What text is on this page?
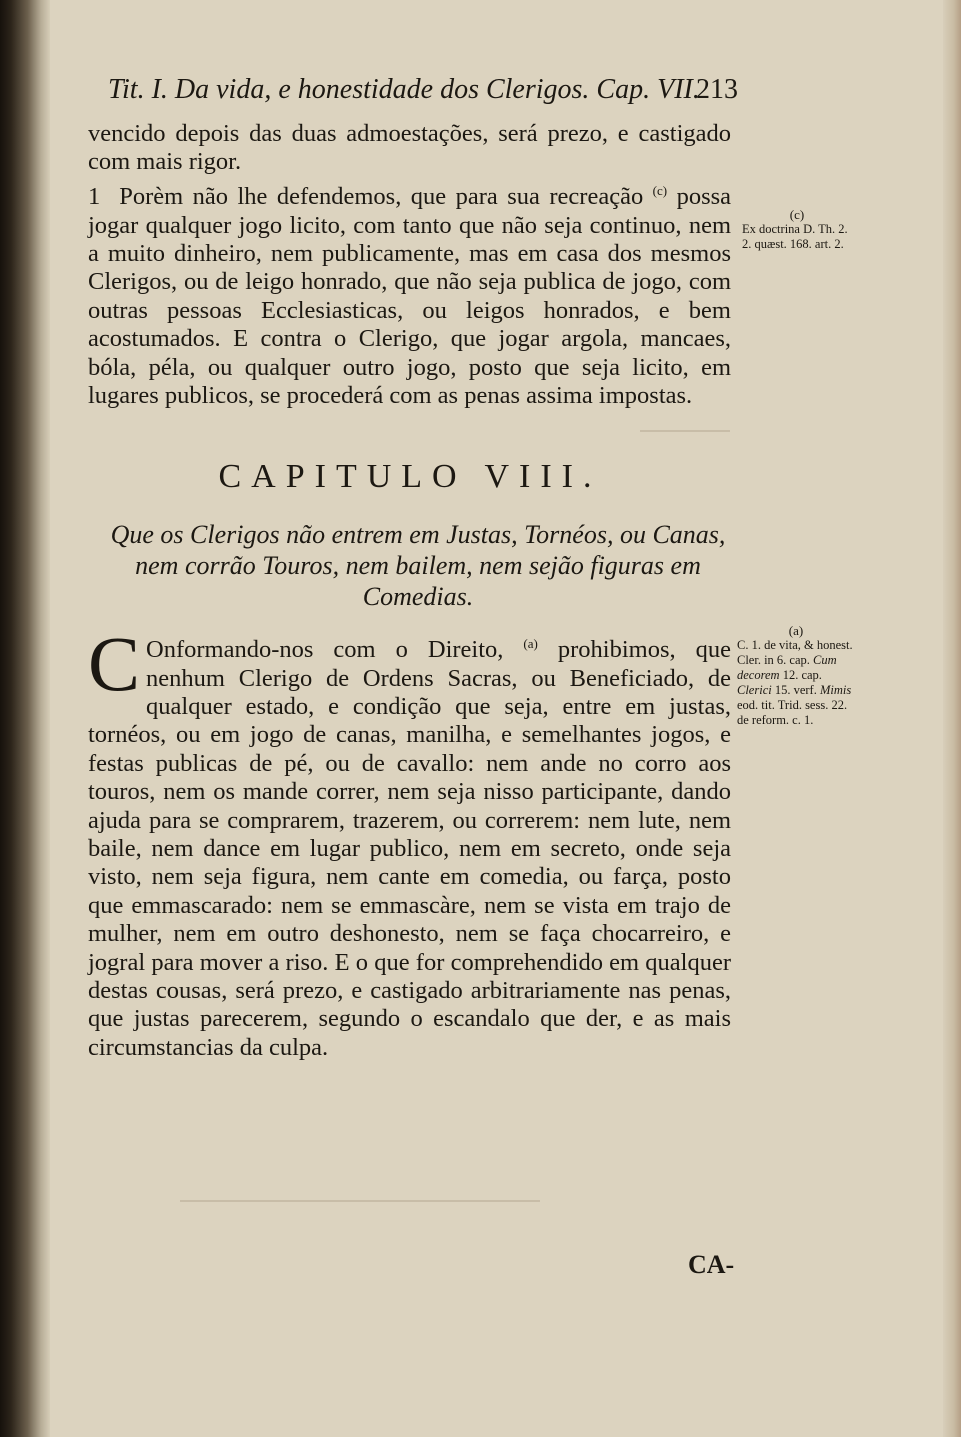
Tit. I. Da vida, e honestidade dos Clerigos. Cap. VII.
213
vencido depois das duas admoestações, será prezo, e castigado com mais rigor.
1 Porèm não lhe defendemos, que para sua recreação $^{(c)}$ possa jogar qualquer jogo licito, com tanto que não seja continuo, nem a muito dinheiro, nem publicamente, mas em casa dos mesmos Clerigos, ou de leigo honrado, que não seja publica de jogo, com outras pessoas Ecclesiasticas, ou leigos honrados, e bem acostumados. E contra o Clerigo, que jogar argola, mancaes, bóla, péla, ou qualquer outro jogo, posto que seja licito, em lugares publicos, se procederá com as penas assima impostas.
CAPITULO VIII.
Que os Clerigos não entrem em Justas, Tornéos, ou Canas, nem corrão Touros, nem bailem, nem sejão figuras em Comedias.
C Onformando-nos com o Direito, $^{(a)}$ prohibimos, que nenhum Clerigo de Ordens Sacras, ou Beneficiado, de qualquer estado, e condição que seja, entre em justas, tornéos, ou em jogo de canas, manilha, e semelhantes jogos, e festas publicas de pé, ou de cavallo: nem ande no corro aos touros, nem os mande correr, nem seja nisso participante, dando ajuda para se comprarem, trazerem, ou correrem: nem lute, nem baile, nem dance em lugar publico, nem em secreto, onde seja visto, nem seja figura, nem cante em comedia, ou farça, posto que emmascarado: nem se emmascàre, nem se vista em trajo de mulher, nem em outro deshonesto, nem se faça chocarreiro, e jogral para mover a riso. E o que for comprehendido em qualquer destas cousas, será prezo, e castigado arbitrariamente nas penas, que justas parecerem, segundo o escandalo que der, e as mais circumstancias da culpa.
CA-
(c)
Ex doctrina D. Th. 2. 2. quæst. 168. art. 2.
(a)
C. 1. de vita, & honest. Cler. in 6. cap. Cum decorem 12. cap. Clerici 15. verf. Mimis eod. tit. Trid. sess. 22. de reform. c. 1.
